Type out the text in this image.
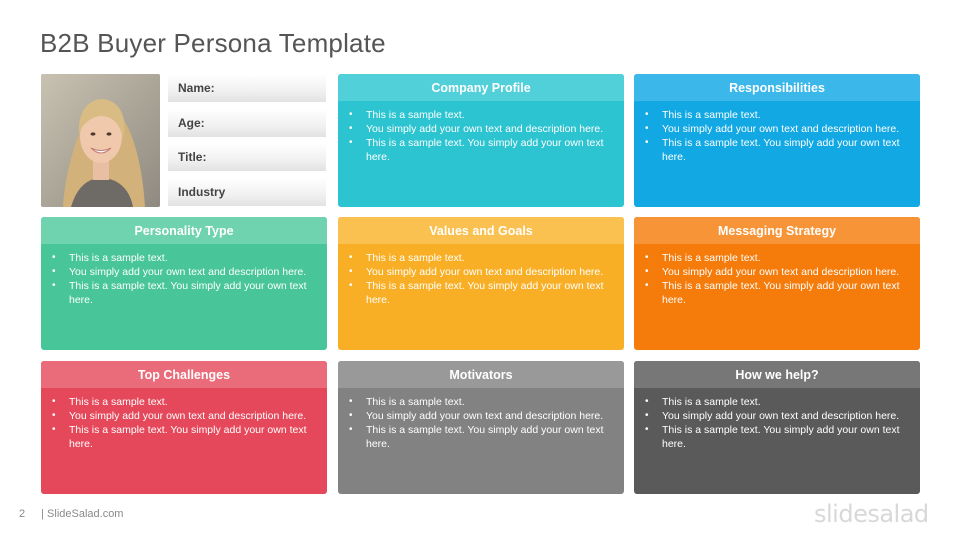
B2B Buyer Persona Template
Name:
Age:
Title:
Industry
Company Profile
• This is a sample text.
• You simply add your own text and description here.
• This is a sample text. You simply add your own text here.
Responsibilities
• This is a sample text.
• You simply add your own text and description here.
• This is a sample text. You simply add your own text here.
Personality Type
• This is a sample text.
• You simply add your own text and description here.
• This is a sample text. You simply add your own text here.
Values and Goals
• This is a sample text.
• You simply add your own text and description here.
• This is a sample text. You simply add your own text here.
Messaging Strategy
• This is a sample text.
• You simply add your own text and description here.
• This is a sample text. You simply add your own text here.
Top Challenges
• This is a sample text.
• You simply add your own text and description here.
• This is a sample text. You simply add your own text here.
Motivators
• This is a sample text.
• You simply add your own text and description here.
• This is a sample text. You simply add your own text here.
How we help?
• This is a sample text.
• You simply add your own text and description here.
• This is a sample text. You simply add your own text here.
2 | SlideSalad.com	slidesalad
